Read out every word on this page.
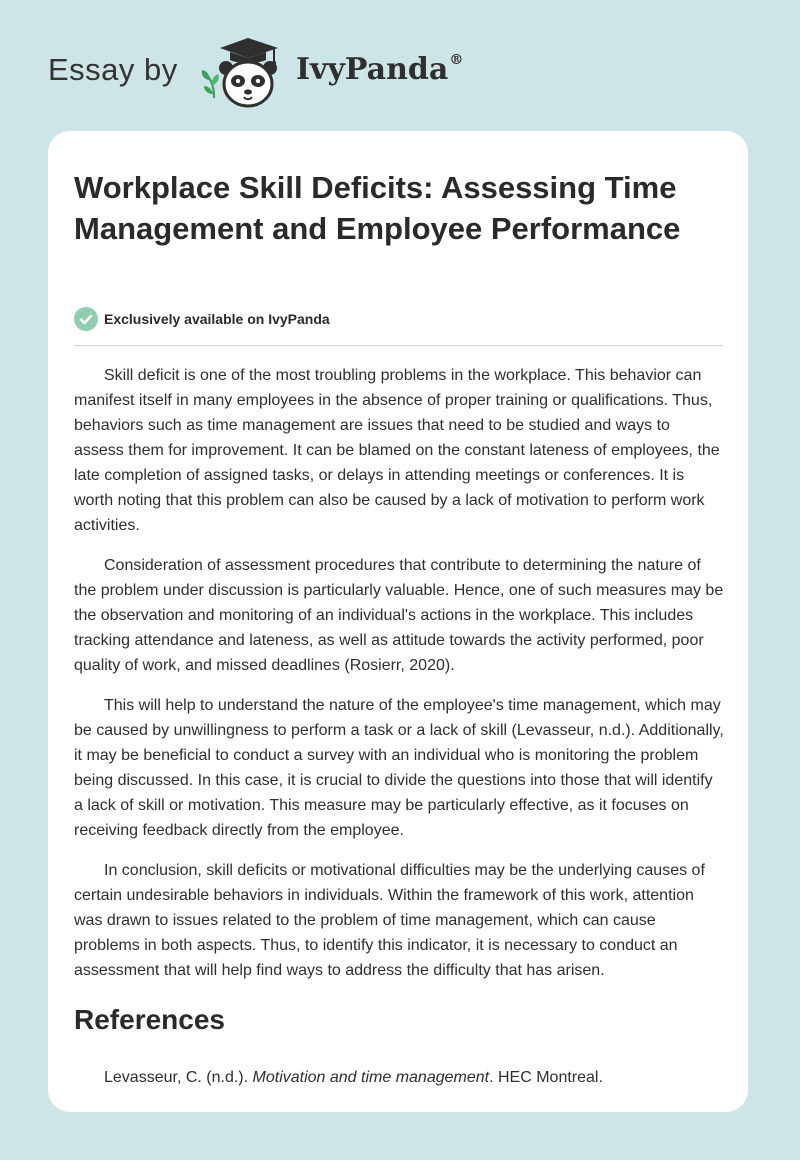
Essay by	IvyPanda®
Workplace Skill Deficits: Assessing Time Management and Employee Performance
Exclusively available on IvyPanda

Skill deficit is one of the most troubling problems in the workplace. This behavior can manifest itself in many employees in the absence of proper training or qualifications. Thus, behaviors such as time management are issues that need to be studied and ways to assess them for improvement. It can be blamed on the constant lateness of employees, the late completion of assigned tasks, or delays in attending meetings or conferences. It is worth noting that this problem can also be caused by a lack of motivation to perform work activities.

Consideration of assessment procedures that contribute to determining the nature of the problem under discussion is particularly valuable. Hence, one of such measures may be the observation and monitoring of an individual's actions in the workplace. This includes tracking attendance and lateness, as well as attitude towards the activity performed, poor quality of work, and missed deadlines (Rosierr, 2020).

This will help to understand the nature of the employee's time management, which may be caused by unwillingness to perform a task or a lack of skill (Levasseur, n.d.). Additionally, it may be beneficial to conduct a survey with an individual who is monitoring the problem being discussed. In this case, it is crucial to divide the questions into those that will identify a lack of skill or motivation. This measure may be particularly effective, as it focuses on receiving feedback directly from the employee.

In conclusion, skill deficits or motivational difficulties may be the underlying causes of certain undesirable behaviors in individuals. Within the framework of this work, attention was drawn to issues related to the problem of time management, which can cause problems in both aspects. Thus, to identify this indicator, it is necessary to conduct an assessment that will help find ways to address the difficulty that has arisen.

References

Levasseur, C. (n.d.). Motivation and time management. HEC Montreal.
